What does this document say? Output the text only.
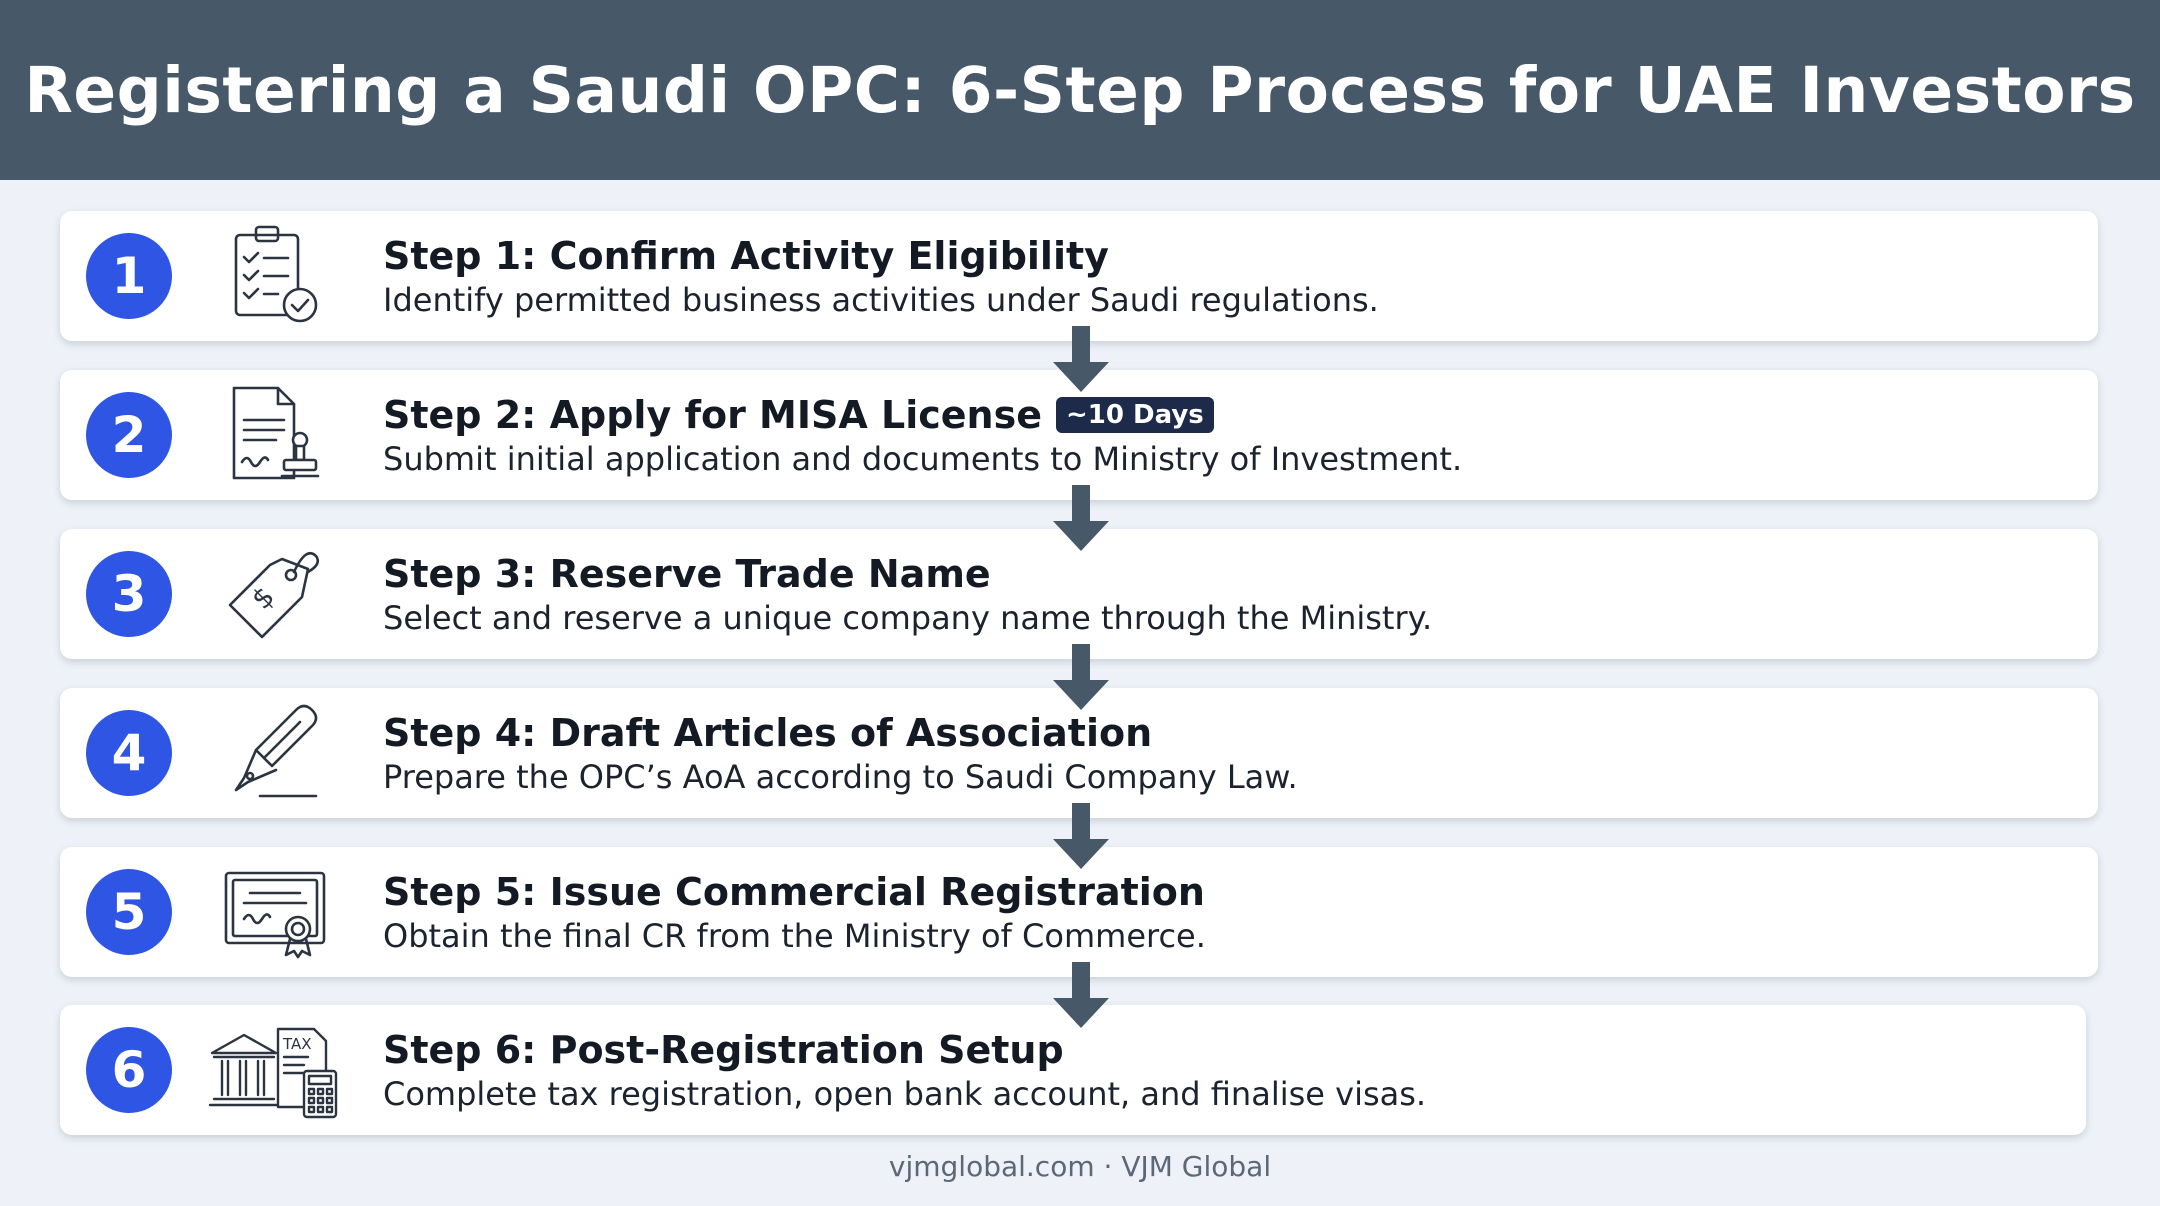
Registering a Saudi OPC: 6-Step Process for UAE Investors
1	Step 1: Confirm Activity Eligibility
Identify permitted business activities under Saudi regulations.
2	Step 2: Apply for MISA License ~10 Days
Submit initial application and documents to Ministry of Investment.
3	$
Step 3: Reserve Trade Name
Select and reserve a unique company name through the Ministry.
4	Step 4: Draft Articles of Association
Prepare the OPC’s AoA according to Saudi Company Law.
5	Step 5: Issue Commercial Registration
Obtain the final CR from the Ministry of Commerce.
6	TAX Step 6: Post-Registration Setup
Complete tax registration, open bank account, and finalise visas.
vjmglobal.com · VJM Global
